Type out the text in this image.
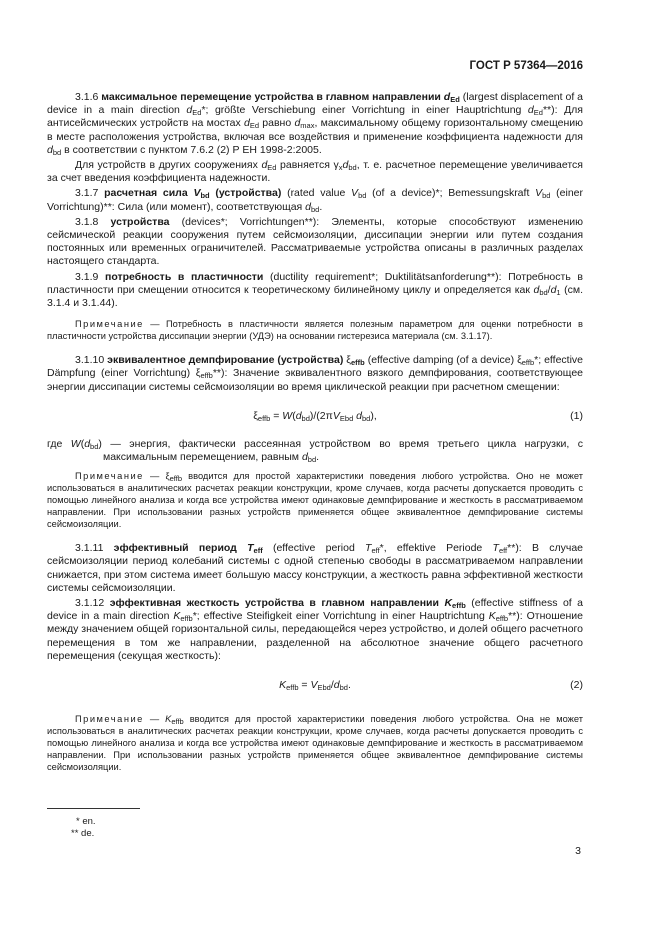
ГОСТ Р 57364—2016

3.1.6 максимальное перемещение устройства в главном направлении $d_{Ed}$ (largest displacement of a device in a main direction $d_{Ed}*$; größte Verschiebung einer Vorrichtung in einer Hauptrichtung $d_{Ed}**$): Для антисейсмических устройств на мостах $d_{Ed}$ равно $d_{max}$, максимальному общему горизонтальному смещению в месте расположения устройства, включая все воздействия и применение коэффициента надежности для $d_{bd}$ в соответствии с пунктом 7.6.2 (2) Р ЕН 1998-2:2005.

Для устройств в других сооружениях $d_{Ed}$ равняется $\gamma_xd_{bd}$, т. е. расчетное перемещение увеличивается за счет введения коэффициента надежности.

3.1.7 расчетная сила $V_{bd}$ (устройства) (rated value $V_{bd}$ (of a device)*; Bemessungskraft $V_{bd}$ (einer Vorrichtung)**: Сила (или момент), соответствующая $d_{bd}$.

3.1.8 устройства (devices*; Vorrichtungen**): Элементы, которые способствуют изменению сейсмической реакции сооружения путем сейсмоизоляции, диссипации энергии или путем создания постоянных или временных ограничителей. Рассматриваемые устройства описаны в различных разделах настоящего стандарта.

3.1.9 потребность в пластичности (ductility requirement*; Duktilitätsanforderung**): Потребность в пластичности при смещении относится к теоретическому билинейному циклу и определяется как $d_{bd}/d_1$ (см. 3.1.4 и 3.1.44).

Примечание — Потребность в пластичности является полезным параметром для оценки потребности в пластичности устройства диссипации энергии (УДЭ) на основании гистерезиса материала (см. 3.1.17).

3.1.10 эквивалентное демпфирование (устройства) $\xi_{effb}$ (effective damping (of a device) $\xi_{effb}*$; effective Dämpfung (einer Vorrichtung) $\xi_{effb}**$): Значение эквивалентного вязкого демпфирования, соответствующее энергии диссипации системы сейсмоизоляции во время циклической реакции при расчетном смещении:

$\xi_{effb} = W(d_{bd})/(2\pi V_{Ebd}$ $d_{bd}$),	(1)

где $W(d_{bd})$ — энергия, фактически рассеянная устройством во время третьего цикла нагрузки, с максимальным перемещением, равным $d_{bd}$.

Примечание — $\xi_{effb}$ вводится для простой характеристики поведения любого устройства. Оно не может использоваться в аналитических расчетах реакции конструкции, кроме случаев, когда расчеты допускается проводить с помощью линейного анализа и когда все устройства имеют одинаковые демпфирование и жесткость в рассматриваемом направлении. При использовании разных устройств применяется общее эквивалентное демпфирование системы сейсмоизоляции.

3.1.11 эффективный период $T_{eff}$ (effective period $T_{eff}*$, effektive Periode $T_{eff}**$): В случае сейсмоизоляции период колебаний системы с одной степенью свободы в рассматриваемом направлении снижается, при этом система имеет большую массу конструкции, а жесткость равна эффективной жесткости системы сейсмоизоляции.

3.1.12 эффективная жесткость устройства в главном направлении $K_{effb}$ (effective stiffness of a device in a main direction $K_{effb}*$; effective Steifigkeit einer Vorrichtung in einer Hauptrichtung $K_{effb}**$): Отношение между значением общей горизонтальной силы, передающейся через устройство, и долей общего расчетного перемещения в том же направлении, разделенной на абсолютное значение общего расчетного перемещения (секущая жесткость):

$K_{effb} = V_{Ebd}/d_{bd}$.	(2)

Примечание — $K_{effb}$ вводится для простой характеристики поведения любого устройства. Она не может использоваться в аналитических расчетах реакции конструкции, кроме случаев, когда расчеты допускается проводить с помощью линейного анализа и когда все устройства имеют одинаковые демпфирование и жесткость в рассматриваемом направлении. При использовании разных устройств применяется общее эквивалентное демпфирование системы сейсмоизоляции.

* en.
** de.
3
